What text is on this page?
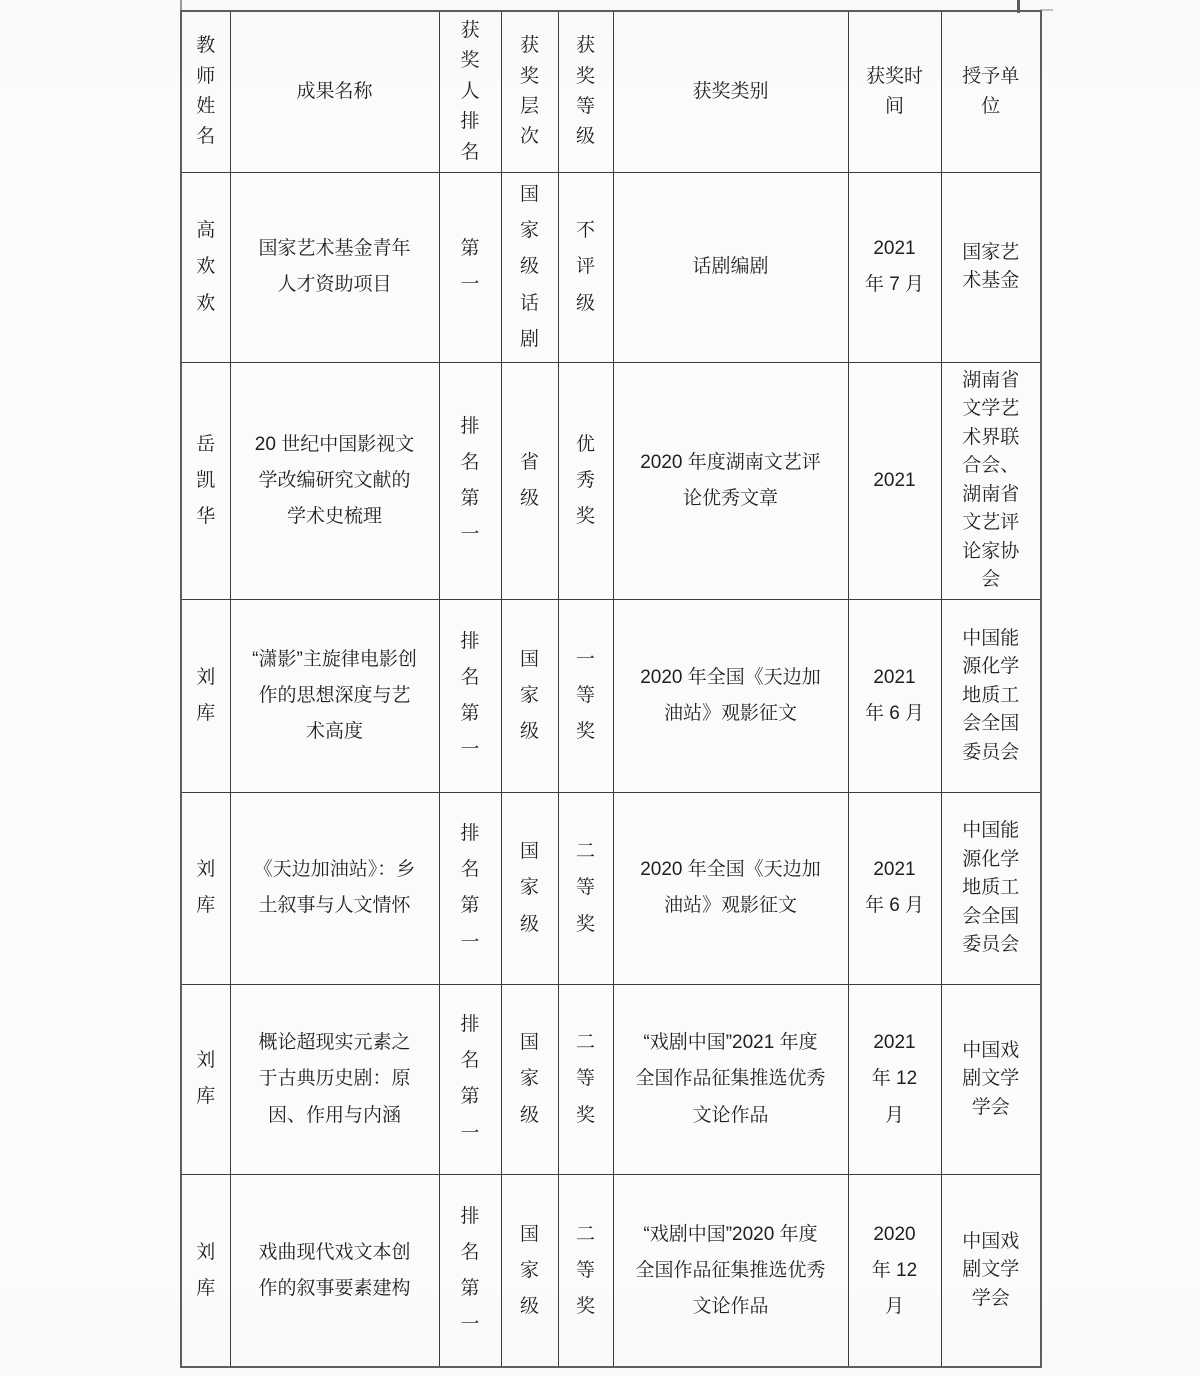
教师姓名	成果名称	获奖人排名	获奖层次	获奖等级	获奖类别	获奖时间	授予单位

高欢欢	国家艺术基金青年人才资助项目	第一	国家级话剧	不评级	话剧编剧	2021 年 7 月	国家艺术基金

岳凯华	20 世纪中国影视文学改编研究文献的学术史梳理	排名第一	省级	优秀奖	2020 年度湖南文艺评论优秀文章	2021	湖南省文学艺术界联合会、湖南省文艺评论家协会

刘库	“潇影”主旋律电影创作的思想深度与艺术高度	排名第一	国家级	一等奖	2020 年全国《天边加油站》观影征文	2021 年 6 月	中国能源化学地质工会全国委员会

刘库	《天边加油站》：乡土叙事与人文情怀	排名第一	国家级	二等奖	2020 年全国《天边加油站》观影征文	2021 年 6 月	中国能源化学地质工会全国委员会

刘库	概论超现实元素之于古典历史剧：原因、作用与内涵	排名第一	国家级	二等奖	“戏剧中国”2021 年度全国作品征集推选优秀文论作品	2021 年 12 月	中国戏剧文学学会

刘库	戏曲现代戏文本创作的叙事要素建构	排名第一	国家级	二等奖	“戏剧中国”2020 年度全国作品征集推选优秀文论作品	2020 年 12 月	中国戏剧文学学会
